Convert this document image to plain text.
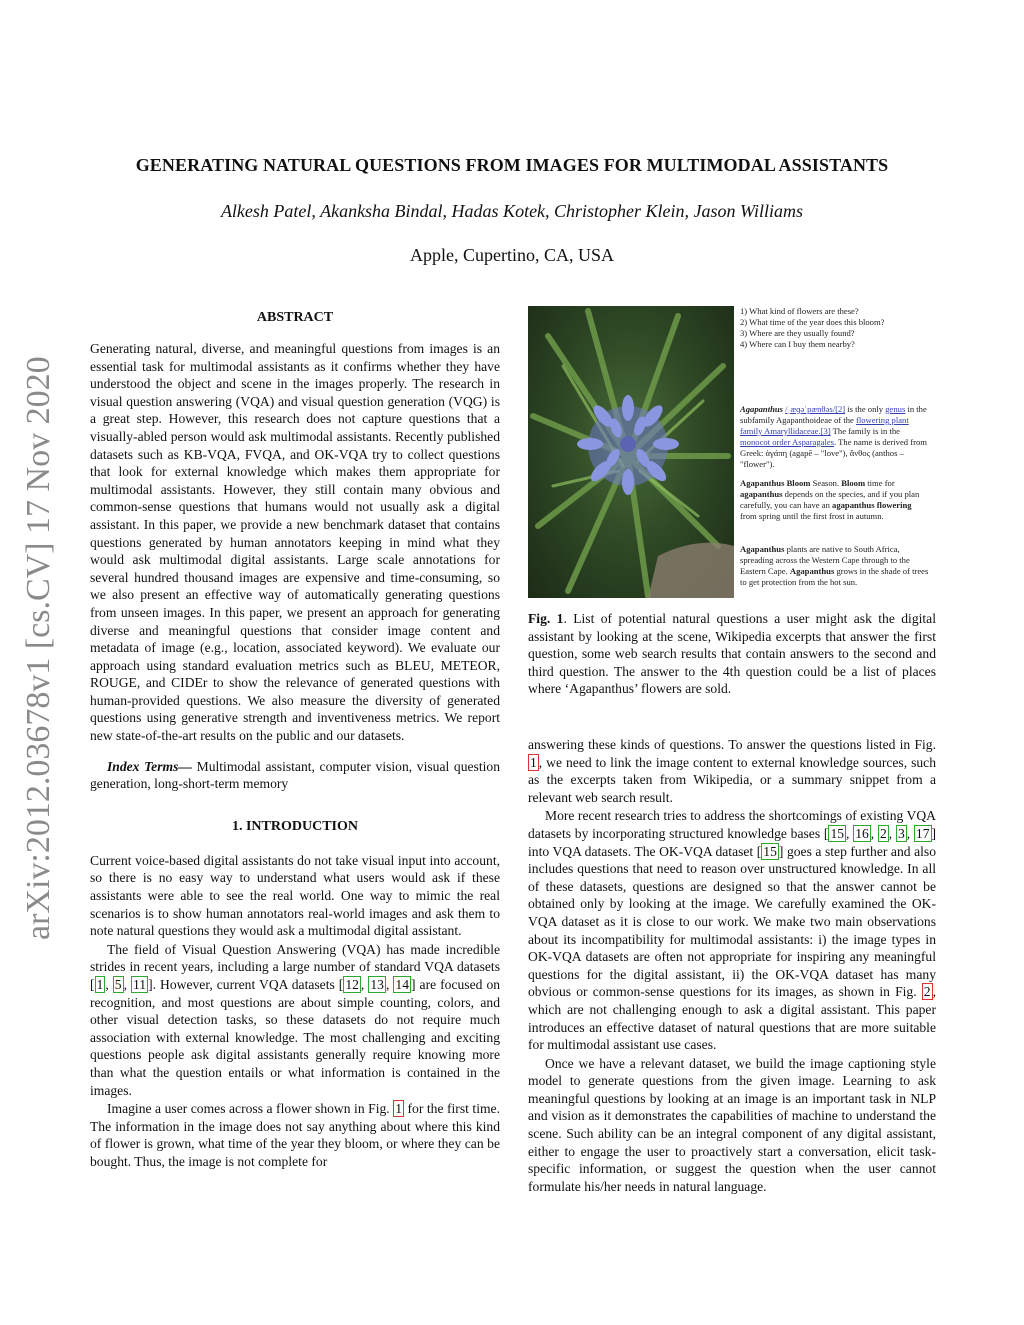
GENERATING NATURAL QUESTIONS FROM IMAGES FOR MULTIMODAL ASSISTANTS
Alkesh Patel, Akanksha Bindal, Hadas Kotek, Christopher Klein, Jason Williams
Apple, Cupertino, CA, USA
arXiv:2012.03678v1 [cs.CV] 17 Nov 2020

ABSTRACT

Generating natural, diverse, and meaningful questions from images is an essential task for multimodal assistants as it confirms whether they have understood the object and scene in the images properly. The research in visual question answering (VQA) and visual question generation (VQG) is a great step. However, this research does not capture questions that a visually-abled person would ask multimodal assistants. Recently published datasets such as KB-VQA, FVQA, and OK-VQA try to collect questions that look for external knowledge which makes them appropriate for multimodal assistants. However, they still contain many obvious and common-sense questions that humans would not usually ask a digital assistant. In this paper, we provide a new benchmark dataset that contains questions generated by human annotators keeping in mind what they would ask multimodal digital assistants. Large scale annotations for several hundred thousand images are expensive and time-consuming, so we also present an effective way of automatically generating questions from unseen images. In this paper, we present an approach for generating diverse and meaningful questions that consider image content and metadata of image (e.g., location, associated keyword). We evaluate our approach using standard evaluation metrics such as BLEU, METEOR, ROUGE, and CIDEr to show the relevance of generated questions with human-provided questions. We also measure the diversity of generated questions using generative strength and inventiveness metrics. We report new state-of-the-art results on the public and our datasets.

Index Terms— Multimodal assistant, computer vision, visual question generation, long-short-term memory

1. INTRODUCTION

Current voice-based digital assistants do not take visual input into account, so there is no easy way to understand what users would ask if these assistants were able to see the real world. One way to mimic the real scenarios is to show human annotators real-world images and ask them to note natural questions they would ask a multimodal digital assistant.

The field of Visual Question Answering (VQA) has made incredible strides in recent years, including a large number of standard VQA datasets [ 1 , 5 , 11 ]. However, current VQA datasets [ 12 , 13 , 14 ] are focused on recognition, and most questions are about simple counting, colors, and other visual detection tasks, so these datasets do not require much association with external knowledge. The most challenging and exciting questions people ask digital assistants generally require knowing more than what the question entails or what information is contained in the images.

Imagine a user comes across a flower shown in Fig. 1 for the first time. The information in the image does not say anything about where this kind of flower is grown, what time of the year they bloom, or where they can be bought. Thus, the image is not complete for

1) What kind of flowers are these?
2) What time of the year does this bloom?
3) Where are they usually found?
4) Where can I buy them nearby?
Agapanthus /ˌæɡəˈpænθəs/[2] is the only genus in the subfamily Agapanthoideae of the flowering plant family Amaryllidaceae.[3] The family is in the monocot order Asparagales. The name is derived from Greek: ἀγάπη (agapē – "love"), ἄνθος (anthos – "flower").
Agapanthus Bloom Season. Bloom time for agapanthus depends on the species, and if you plan carefully, you can have an agapanthus flowering from spring until the first frost in autumn.
Agapanthus plants are native to South Africa, spreading across the Western Cape through to the Eastern Cape. Agapanthus grows in the shade of trees to get protection from the hot sun.

Fig. 1. List of potential natural questions a user might ask the digital assistant by looking at the scene, Wikipedia excerpts that answer the first question, some web search results that contain answers to the second and third question. The answer to the 4th question could be a list of places where ‘Agapanthus’ flowers are sold.

answering these kinds of questions. To answer the questions listed in Fig. 1 , we need to link the image content to external knowledge sources, such as the excerpts taken from Wikipedia, or a summary snippet from a relevant web search result.

More recent research tries to address the shortcomings of existing VQA datasets by incorporating structured knowledge bases [ 15 , 16 , 2 , 3 , 17 ] into VQA datasets. The OK-VQA dataset [ 15 ] goes a step further and also includes questions that need to reason over unstructured knowledge. In all of these datasets, questions are designed so that the answer cannot be obtained only by looking at the image. We carefully examined the OK-VQA dataset as it is close to our work. We make two main observations about its incompatibility for multimodal assistants: i) the image types in OK-VQA datasets are often not appropriate for inspiring any meaningful questions for the digital assistant, ii) the OK-VQA dataset has many obvious or common-sense questions for its images, as shown in Fig. 2 , which are not challenging enough to ask a digital assistant. This paper introduces an effective dataset of natural questions that are more suitable for multimodal assistant use cases.

Once we have a relevant dataset, we build the image captioning style model to generate questions from the given image. Learning to ask meaningful questions by looking at an image is an important task in NLP and vision as it demonstrates the capabilities of machine to understand the scene. Such ability can be an integral component of any digital assistant, either to engage the user to proactively start a conversation, elicit task-specific information, or suggest the question when the user cannot formulate his/her needs in natural language.
